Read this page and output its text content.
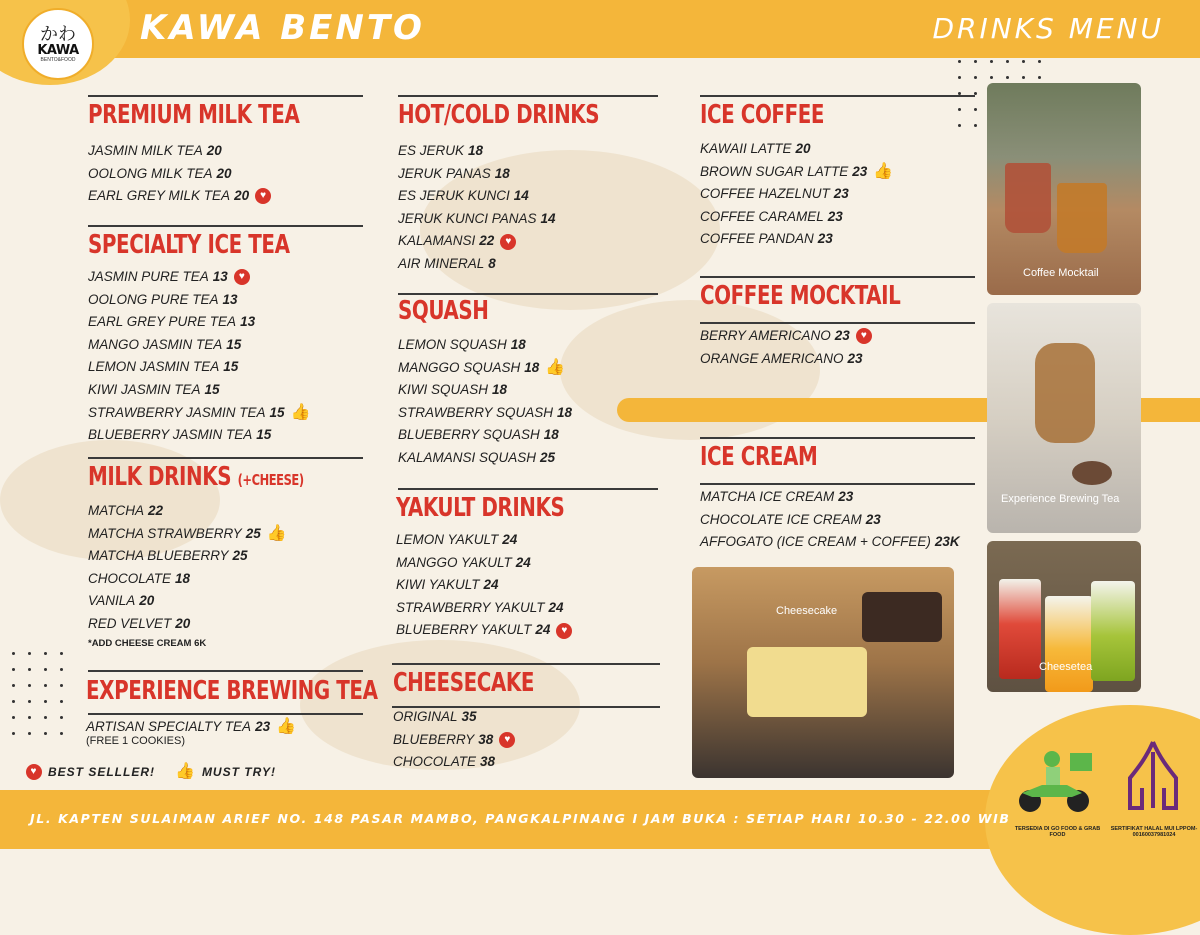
かわ
KAWA
BENTO&FOOD
KAWA BENTO	DRINKS MENU
PREMIUM MILK TEA
JASMIN MILK TEA 20
OOLONG MILK TEA 20
EARL GREY MILK TEA 20	♥
SPECIALTY ICE TEA
JASMIN PURE TEA 13	♥
OOLONG PURE TEA 13
EARL GREY PURE TEA 13
MANGO JASMIN TEA 15
LEMON JASMIN TEA 15
KIWI JASMIN TEA 15
STRAWBERRY JASMIN TEA 15 👍
BLUEBERRY JASMIN TEA 15
MILK DRINKS (+CHEESE)
MATCHA 22
MATCHA STRAWBERRY 25 👍
MATCHA BLUEBERRY 25
CHOCOLATE 18
VANILA 20
RED VELVET 20
*ADD CHEESE CREAM 6K
EXPERIENCE BREWING TEA
ARTISAN SPECIALTY TEA 23 👍
(FREE 1 COOKIES)
♥ BEST SELLLER! 👍 MUST TRY!
HOT/COLD DRINKS
ES JERUK 18
JERUK PANAS 18
ES JERUK KUNCI 14
JERUK KUNCI PANAS 14
KALAMANSI 22	♥
AIR MINERAL 8
SQUASH
LEMON SQUASH 18
MANGGO SQUASH 18 👍
KIWI SQUASH 18
STRAWBERRY SQUASH 18
BLUEBERRY SQUASH 18
KALAMANSI SQUASH 25
YAKULT DRINKS
LEMON YAKULT 24
MANGGO YAKULT 24
KIWI YAKULT 24
STRAWBERRY YAKULT 24
BLUEBERRY YAKULT 24	♥
CHEESECAKE
ORIGINAL 35
BLUEBERRY 38	♥
CHOCOLATE 38
ICE COFFEE
KAWAII LATTE 20
BROWN SUGAR LATTE 23 👍
COFFEE HAZELNUT 23
COFFEE CARAMEL 23
COFFEE PANDAN 23
COFFEE MOCKTAIL
BERRY AMERICANO 23	♥
ORANGE AMERICANO 23
ICE CREAM
MATCHA ICE CREAM 23
CHOCOLATE ICE CREAM 23
AFFOGATO (ICE CREAM + COFFEE) 23K
Coffee Mocktail
Experience Brewing Tea
Cheesecake
Cheesetea
JL. KAPTEN SULAIMAN ARIEF NO. 148 PASAR MAMBO, PANGKALPINANG I JAM BUKA : SETIAP HARI 10.30 - 22.00 WIB
TERSEDIA DI GO FOOD & GRAB FOOD
SERTIFIKAT HALAL MUI LPPOM-00160037981024
